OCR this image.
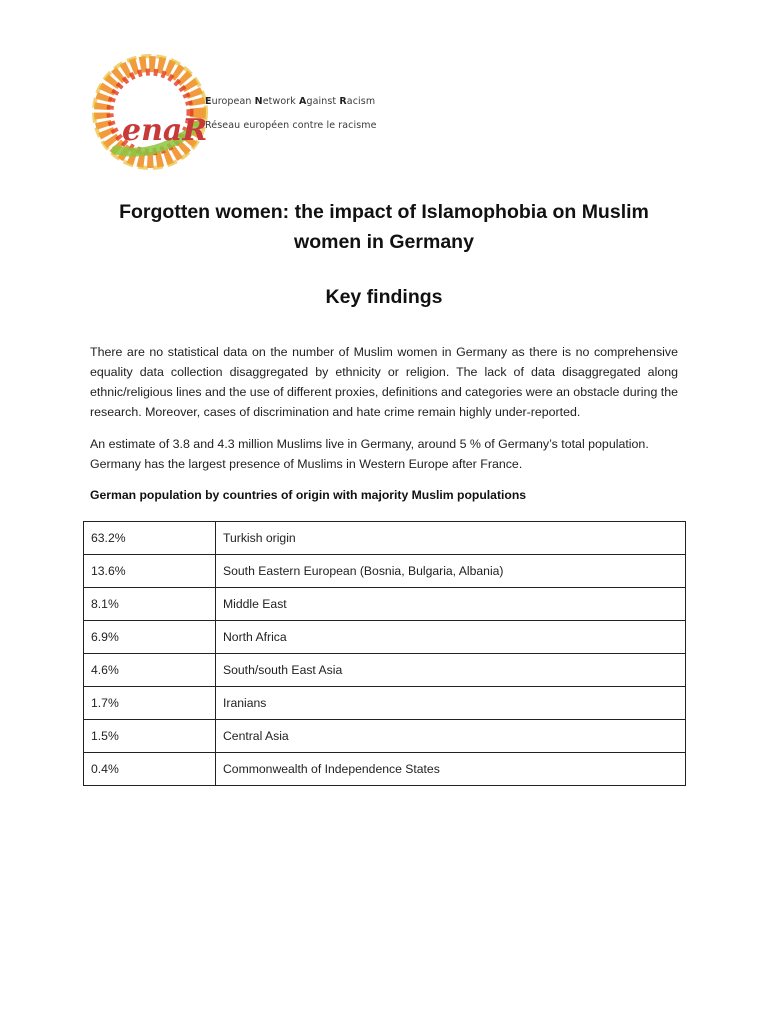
enaR
European Network Against Racism
Réseau européen contre le racisme
Forgotten women: the impact of Islamophobia on Muslim women in Germany
Key findings

There are no statistical data on the number of Muslim women in Germany as there is no comprehensive equality data collection disaggregated by ethnicity or religion. The lack of data disaggregated along ethnic/religious lines and the use of different proxies, definitions and categories were an obstacle during the research. Moreover, cases of discrimination and hate crime remain highly under-reported.

An estimate of 3.8 and 4.3 million Muslims live in Germany, around 5 % of Germany’s total population. Germany has the largest presence of Muslims in Western Europe after France.

German population by countries of origin with majority Muslim populations
63.2%	Turkish origin
13.6%	South Eastern European (Bosnia, Bulgaria, Albania)
8.1%	Middle East
6.9%	North Africa
4.6%	South/south East Asia
1.7%	Iranians
1.5%	Central Asia
0.4%	Commonwealth of Independence States
